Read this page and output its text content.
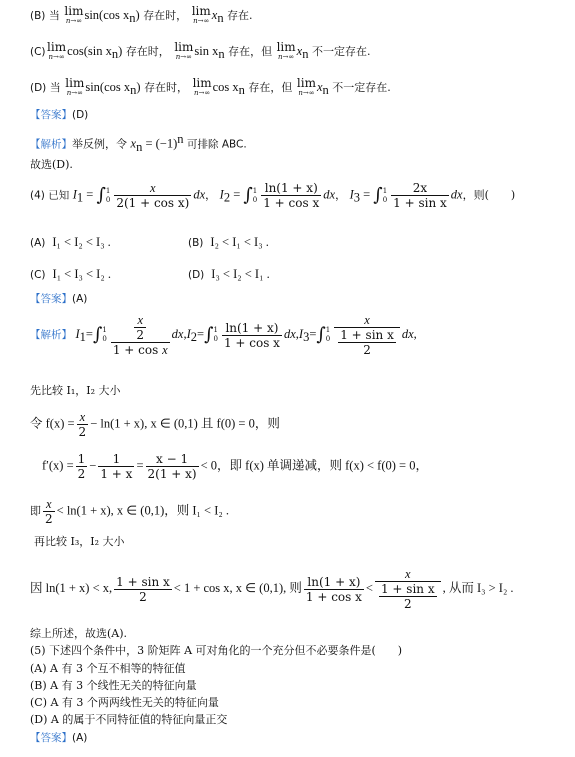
(B) 当 lim
n→∞ sin(cos $x_n$) 存在时， lim
n→∞ $x_n$ 存在.
(C) lim
n→∞ cos(sin $x_n$) 存在时， lim
n→∞ $\sin x_n$ 存在，但 lim
n→∞ $x_n$ 不一定存在.
(D) 当 lim
n→∞ sin(cos $x_n$) 存在时， lim
n→∞ $\cos x_n$ 存在，但 lim
n→∞ $x_n$ 不一定存在.
【答案】(D)
【解析】举反例，令 $x_n = (-1)^n$ 可排除 ABC.
故选(D).
(4) 已知 $I_1$ = ∫ 1
$0 \frac{x}{\text{2(1 + cos x)}}$ dx， $I_2$ = ∫ 1
$0 \frac{\ln(1 + x)}{\text{1 + cos x}}$ dx， $I_3$ = ∫ 1
$0 \frac{2x}{\text{1 + sin x}}$ dx，则(　　)
(A) I₁ < I₂ < I₃ .	(B) I₂ < I₁ < I₃ .
(C) I₁ < I₃ < I₂ .	(D) I₃ < I₂ < I₁ .
【答案】(A)
【解析】 $I_1=\int$ 1
$0 \frac{\frac{x}{2}}{\text{1 + cos x}} dx,I_2=\int$ 1
$0 \frac{\ln(1 + x)}{\text{1 + cos x}} dx,I_3=\int$ 1
$0 \frac{x}{\frac{\text{1 + sin x}}{2}}$ dx,
先比较 I₁，I₂ 大小
令 $f(x) = \frac{x}{2} - \ln(1 + x)$, x ∈ (0,1) 且 f(0) = 0，则
$f'(x) = \frac{1}{2} - \frac{1}{1 + x} = \frac{x - 1}{2(1 + x)} < 0$，即 f(x) 单调递减，则 f(x) < f(0) = 0，
即 $\frac{x}{2} < \ln(1 + x)$, x ∈ (0,1)，则 I₁ < I₂ .
再比较 I₃，I₂ 大小
因 ln(1 + x) < x, $\frac{\text{1 + sin x}}{2} < 1 + \cos x$, x ∈ (0,1), 则 $\frac{\ln(1 + x)}{\text{1 + cos x}} < \frac{x}{\frac{\text{1 + sin x}}{2}}$ , 从而 I₃ > I₂ .
综上所述，故选(A).
(5) 下述四个条件中，3 阶矩阵 A 可对角化的一个充分但不必要条件是(　　)
(A) A 有 3 个互不相等的特征值
(B) A 有 3 个线性无关的特征向量
(C) A 有 3 个两两线性无关的特征向量
(D) A 的属于不同特征值的特征向量正交
【答案】(A)
